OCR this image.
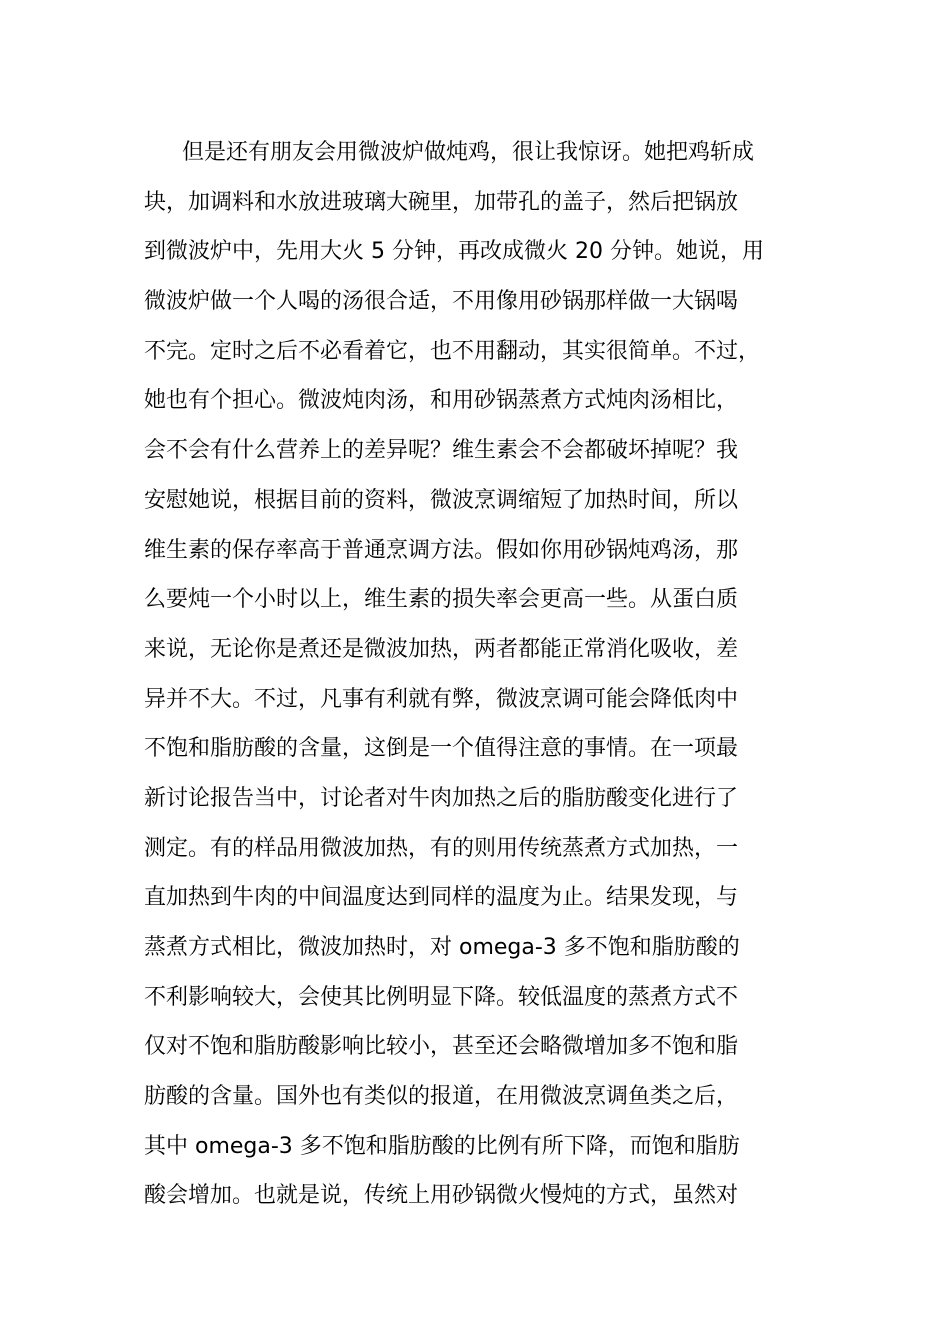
但是还有朋友会用微波炉做炖鸡，很让我惊讶。她把鸡斩成
块，加调料和水放进玻璃大碗里，加带孔的盖子，然后把锅放
到微波炉中，先用大火 5 分钟，再改成微火 20 分钟。她说，用
微波炉做一个人喝的汤很合适，不用像用砂锅那样做一大锅喝
不完。定时之后不必看着它，也不用翻动，其实很简单。不过，
她也有个担心。微波炖肉汤，和用砂锅蒸煮方式炖肉汤相比，
会不会有什么营养上的差异呢？维生素会不会都破坏掉呢？我
安慰她说，根据目前的资料，微波烹调缩短了加热时间，所以
维生素的保存率高于普通烹调方法。假如你用砂锅炖鸡汤，那
么要炖一个小时以上，维生素的损失率会更高一些。从蛋白质
来说，无论你是煮还是微波加热，两者都能正常消化吸收，差
异并不大。不过，凡事有利就有弊，微波烹调可能会降低肉中
不饱和脂肪酸的含量，这倒是一个值得注意的事情。在一项最
新讨论报告当中，讨论者对牛肉加热之后的脂肪酸变化进行了
测定。有的样品用微波加热，有的则用传统蒸煮方式加热，一
直加热到牛肉的中间温度达到同样的温度为止。结果发现，与
蒸煮方式相比，微波加热时，对 omega-3 多不饱和脂肪酸的
不利影响较大，会使其比例明显下降。较低温度的蒸煮方式不
仅对不饱和脂肪酸影响比较小，甚至还会略微增加多不饱和脂
肪酸的含量。国外也有类似的报道，在用微波烹调鱼类之后，
其中 omega-3 多不饱和脂肪酸的比例有所下降，而饱和脂肪
酸会增加。也就是说，传统上用砂锅微火慢炖的方式，虽然对
